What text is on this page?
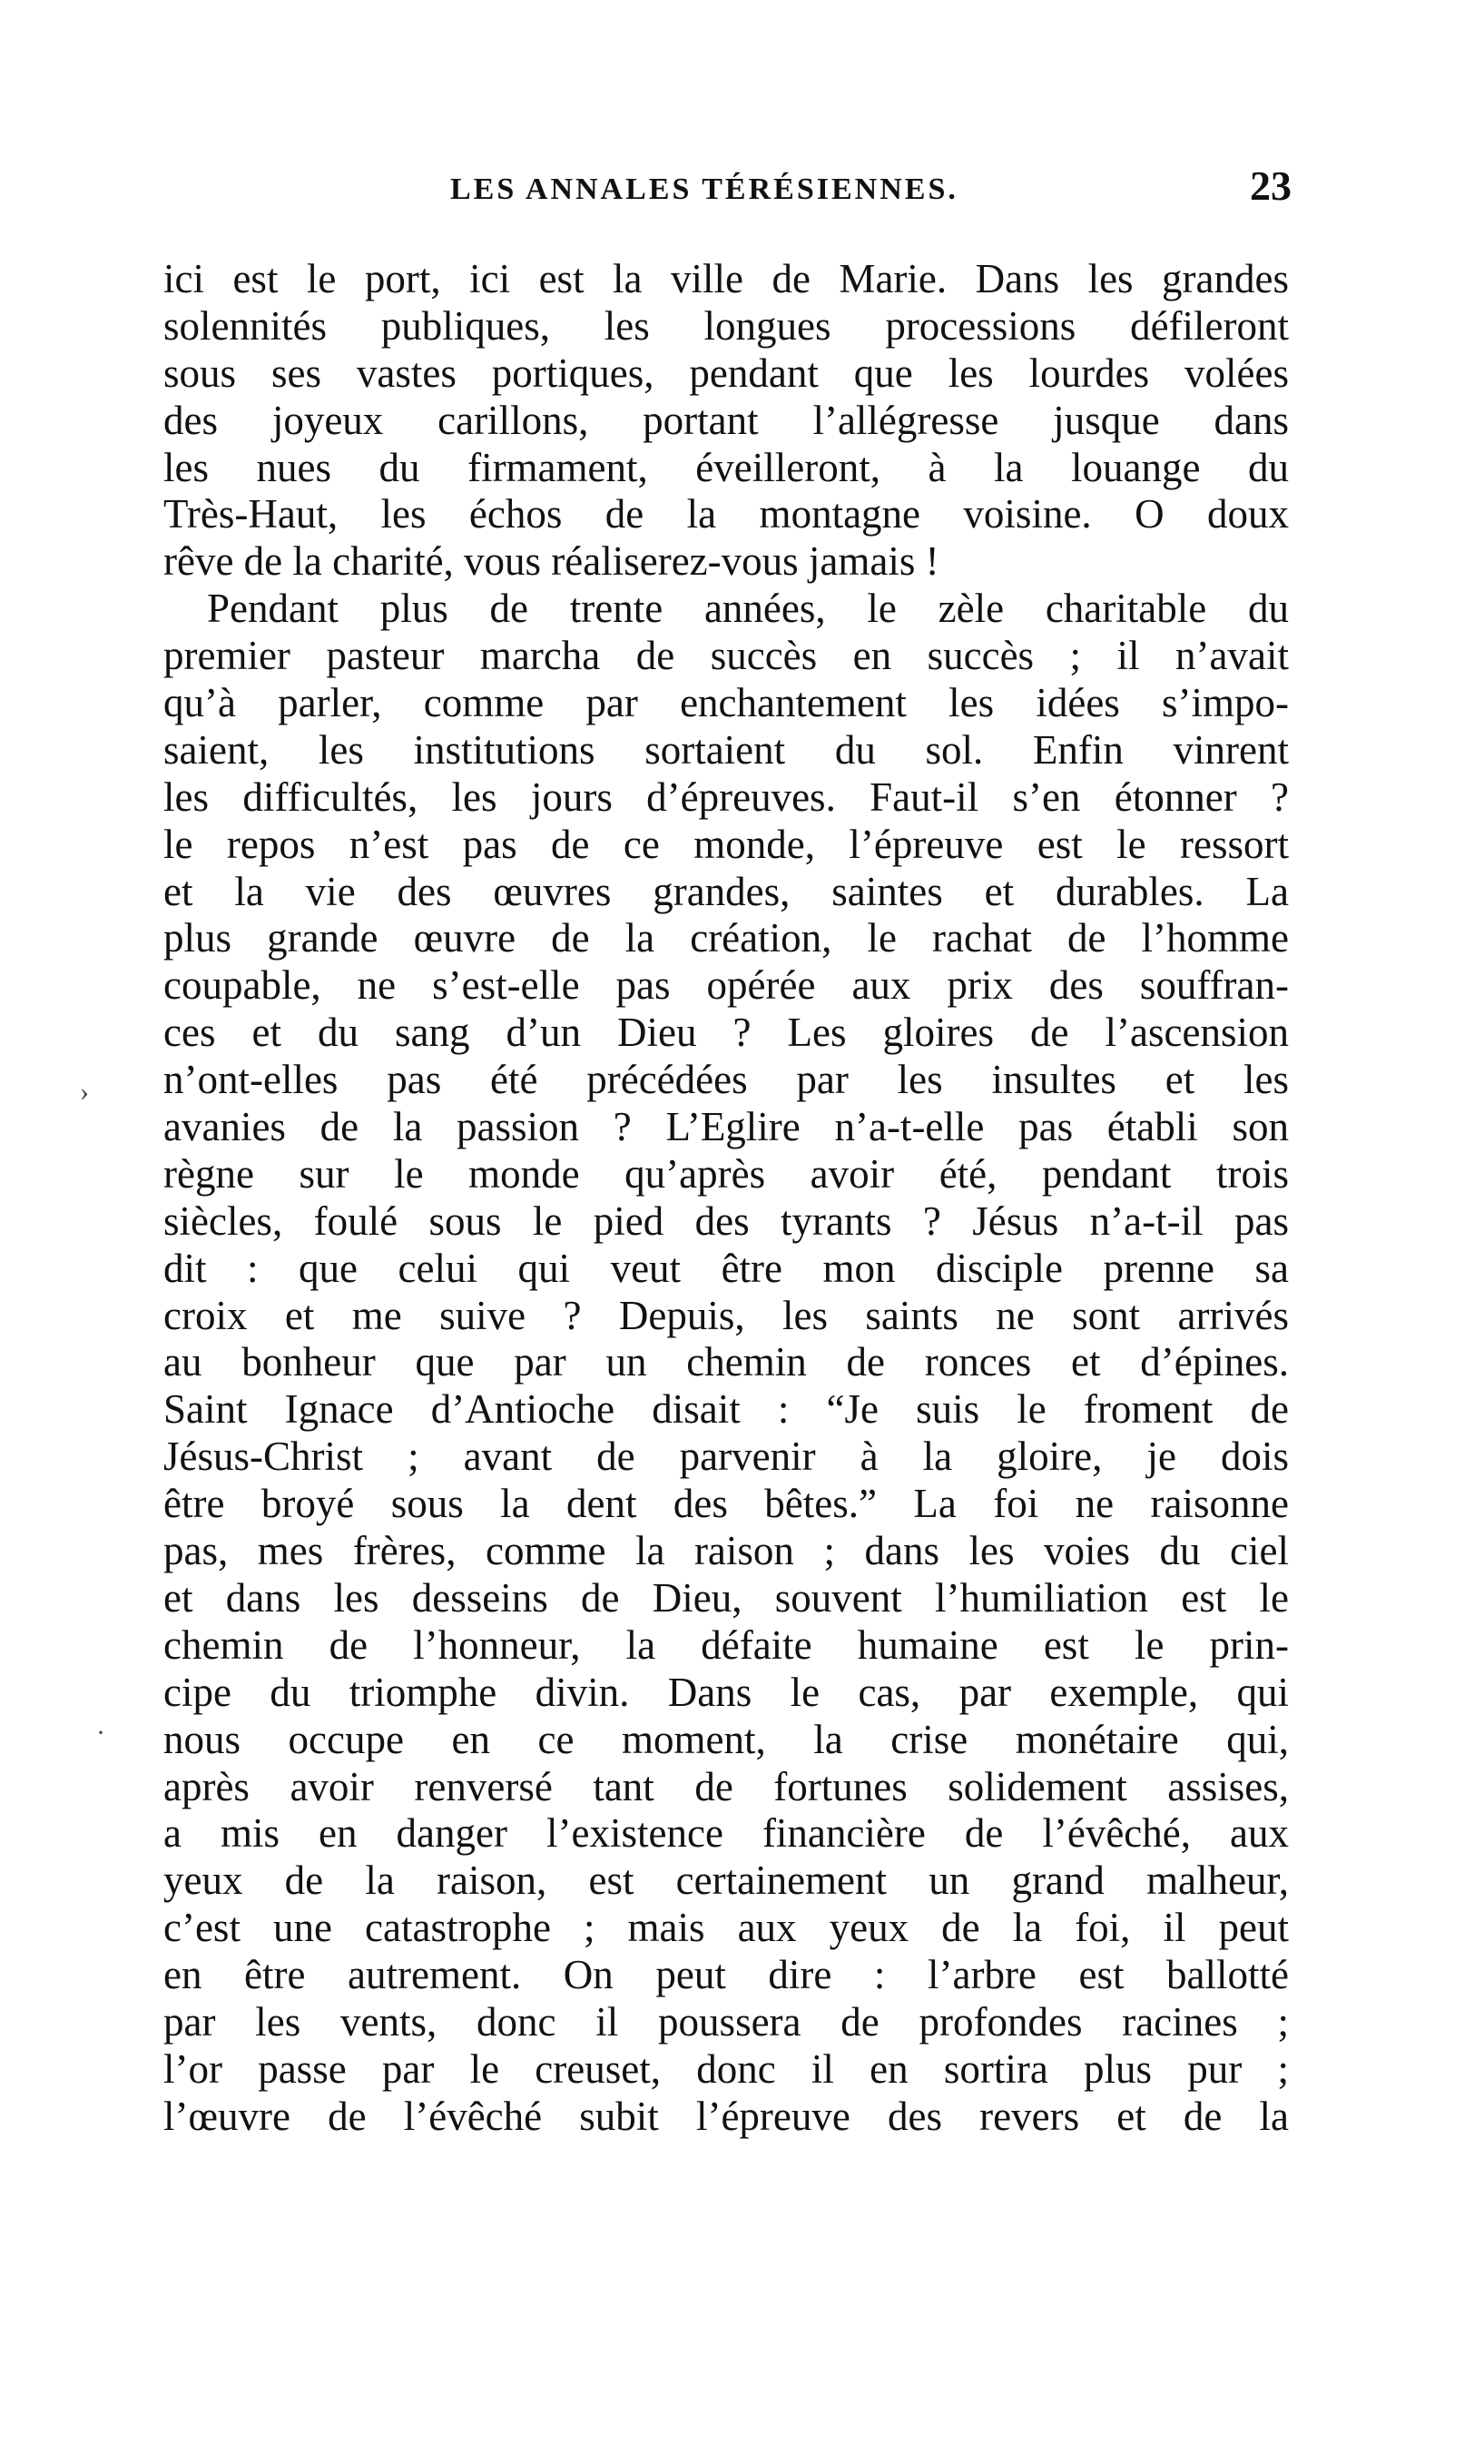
LES ANNALES TÉRÉSIENNES.	23
›
·
ici est le port, ici est la ville de Marie. Dans les grandes
solennités publiques, les longues processions défileront
sous ses vastes portiques, pendant que les lourdes volées
des joyeux carillons, portant l’allégresse jusque dans
les nues du firmament, éveilleront, à la louange du
Très-Haut, les échos de la montagne voisine. O doux
rêve de la charité, vous réaliserez-vous jamais !
Pendant plus de trente années, le zèle charitable du
premier pasteur marcha de succès en succès ; il n’avait
qu’à parler, comme par enchantement les idées s’impo-
saient, les institutions sortaient du sol. Enfin vinrent
les difficultés, les jours d’épreuves. Faut-il s’en étonner ?
le repos n’est pas de ce monde, l’épreuve est le ressort
et la vie des œuvres grandes, saintes et durables. La
plus grande œuvre de la création, le rachat de l’homme
coupable, ne s’est-elle pas opérée aux prix des souffran-
ces et du sang d’un Dieu ? Les gloires de l’ascension
n’ont-elles pas été précédées par les insultes et les
avanies de la passion ? L’Eglire n’a-t-elle pas établi son
règne sur le monde qu’après avoir été, pendant trois
siècles, foulé sous le pied des tyrants ? Jésus n’a-t-il pas
dit : que celui qui veut être mon disciple prenne sa
croix et me suive ? Depuis, les saints ne sont arrivés
au bonheur que par un chemin de ronces et d’épines.
Saint Ignace d’Antioche disait : “Je suis le froment de
Jésus-Christ ; avant de parvenir à la gloire, je dois
être broyé sous la dent des bêtes.” La foi ne raisonne
pas, mes frères, comme la raison ; dans les voies du ciel
et dans les desseins de Dieu, souvent l’humiliation est le
chemin de l’honneur, la défaite humaine est le prin-
cipe du triomphe divin. Dans le cas, par exemple, qui
nous occupe en ce moment, la crise monétaire qui,
après avoir renversé tant de fortunes solidement assises,
a mis en danger l’existence financière de l’évêché, aux
yeux de la raison, est certainement un grand malheur,
c’est une catastrophe ; mais aux yeux de la foi, il peut
en être autrement. On peut dire : l’arbre est ballotté
par les vents, donc il poussera de profondes racines ;
l’or passe par le creuset, donc il en sortira plus pur ;
l’œuvre de l’évêché subit l’épreuve des revers et de la
